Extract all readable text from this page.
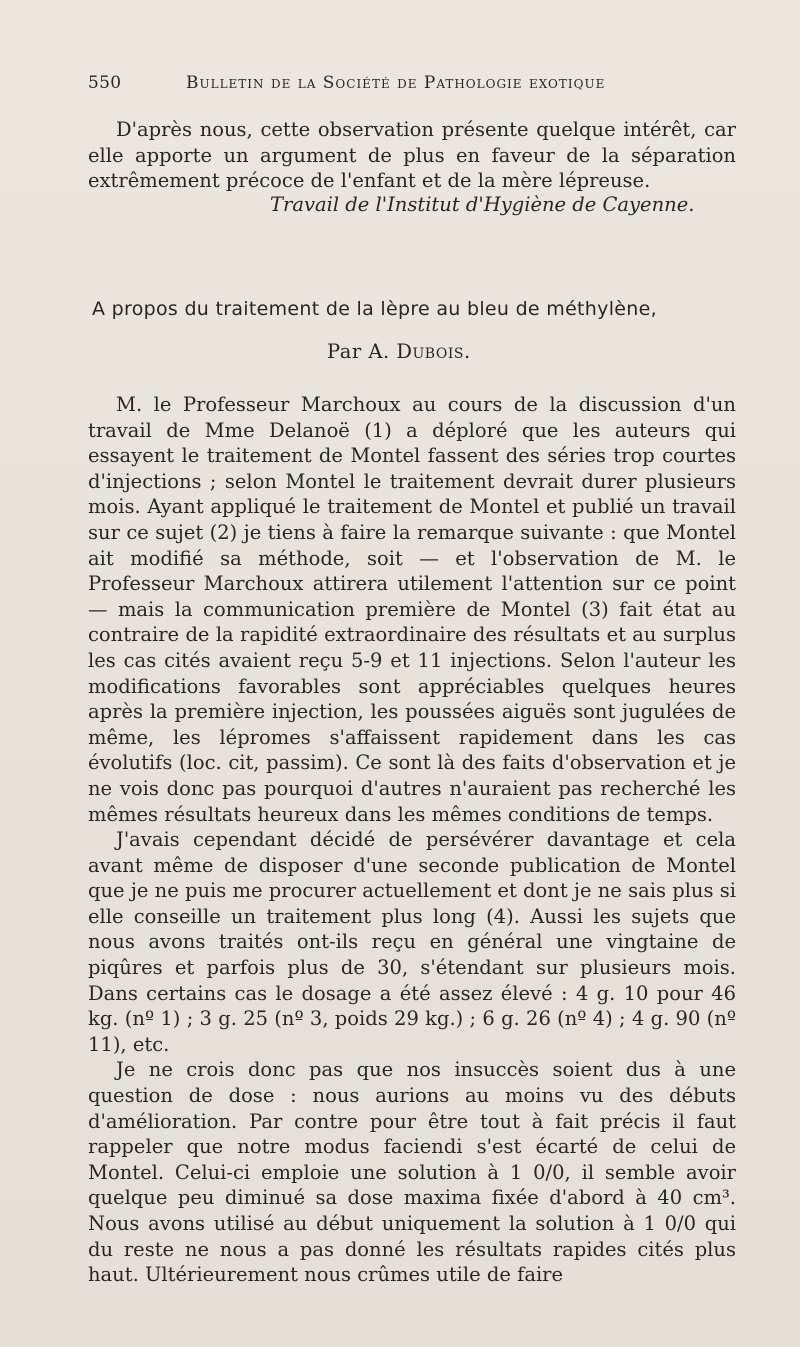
550	Bulletin de la Société de Pathologie exotique

D'après nous, cette observation présente quelque intérêt, car elle apporte un argument de plus en faveur de la séparation extrêmement précoce de l'enfant et de la mère lépreuse.

Travail de l'Institut d'Hygiène de Cayenne.
A propos du traitement de la lèpre au bleu de méthylène,
Par A. Dubois.

M. le Professeur Marchoux au cours de la discussion d'un travail de Mme Delanoë (1) a déploré que les auteurs qui essayent le traitement de Montel fassent des séries trop courtes d'injections ; selon Montel le traitement devrait durer plusieurs mois. Ayant appliqué le traitement de Montel et publié un travail sur ce sujet (2) je tiens à faire la remarque suivante : que Montel ait modifié sa méthode, soit — et l'observation de M. le Professeur Marchoux attirera utilement l'attention sur ce point — mais la communication première de Montel (3) fait état au contraire de la rapidité extraordinaire des résultats et au surplus les cas cités avaient reçu 5-9 et 11 injections. Selon l'auteur les modifications favorables sont appréciables quelques heures après la première injection, les poussées aiguës sont jugulées de même, les lépromes s'affaissent rapidement dans les cas évolutifs (loc. cit, passim). Ce sont là des faits d'observation et je ne vois donc pas pourquoi d'autres n'auraient pas recherché les mêmes résultats heureux dans les mêmes conditions de temps.

J'avais cependant décidé de persévérer davantage et cela avant même de disposer d'une seconde publication de Montel que je ne puis me procurer actuellement et dont je ne sais plus si elle conseille un traitement plus long (4). Aussi les sujets que nous avons traités ont-ils reçu en général une vingtaine de piqûres et parfois plus de 30, s'étendant sur plusieurs mois. Dans certains cas le dosage a été assez élevé : 4 g. 10 pour 46 kg. (nº 1) ; 3 g. 25 (nº 3, poids 29 kg.) ; 6 g. 26 (nº 4) ; 4 g. 90 (nº 11), etc.

Je ne crois donc pas que nos insuccès soient dus à une question de dose : nous aurions au moins vu des débuts d'amélioration. Par contre pour être tout à fait précis il faut rappeler que notre modus faciendi s'est écarté de celui de Montel. Celui-ci emploie une solution à 1 0/0, il semble avoir quelque peu diminué sa dose maxima fixée d'abord à 40 cm³. Nous avons utilisé au début uniquement la solution à 1 0/0 qui du reste ne nous a pas donné les résultats rapides cités plus haut. Ultérieurement nous crûmes utile de faire
